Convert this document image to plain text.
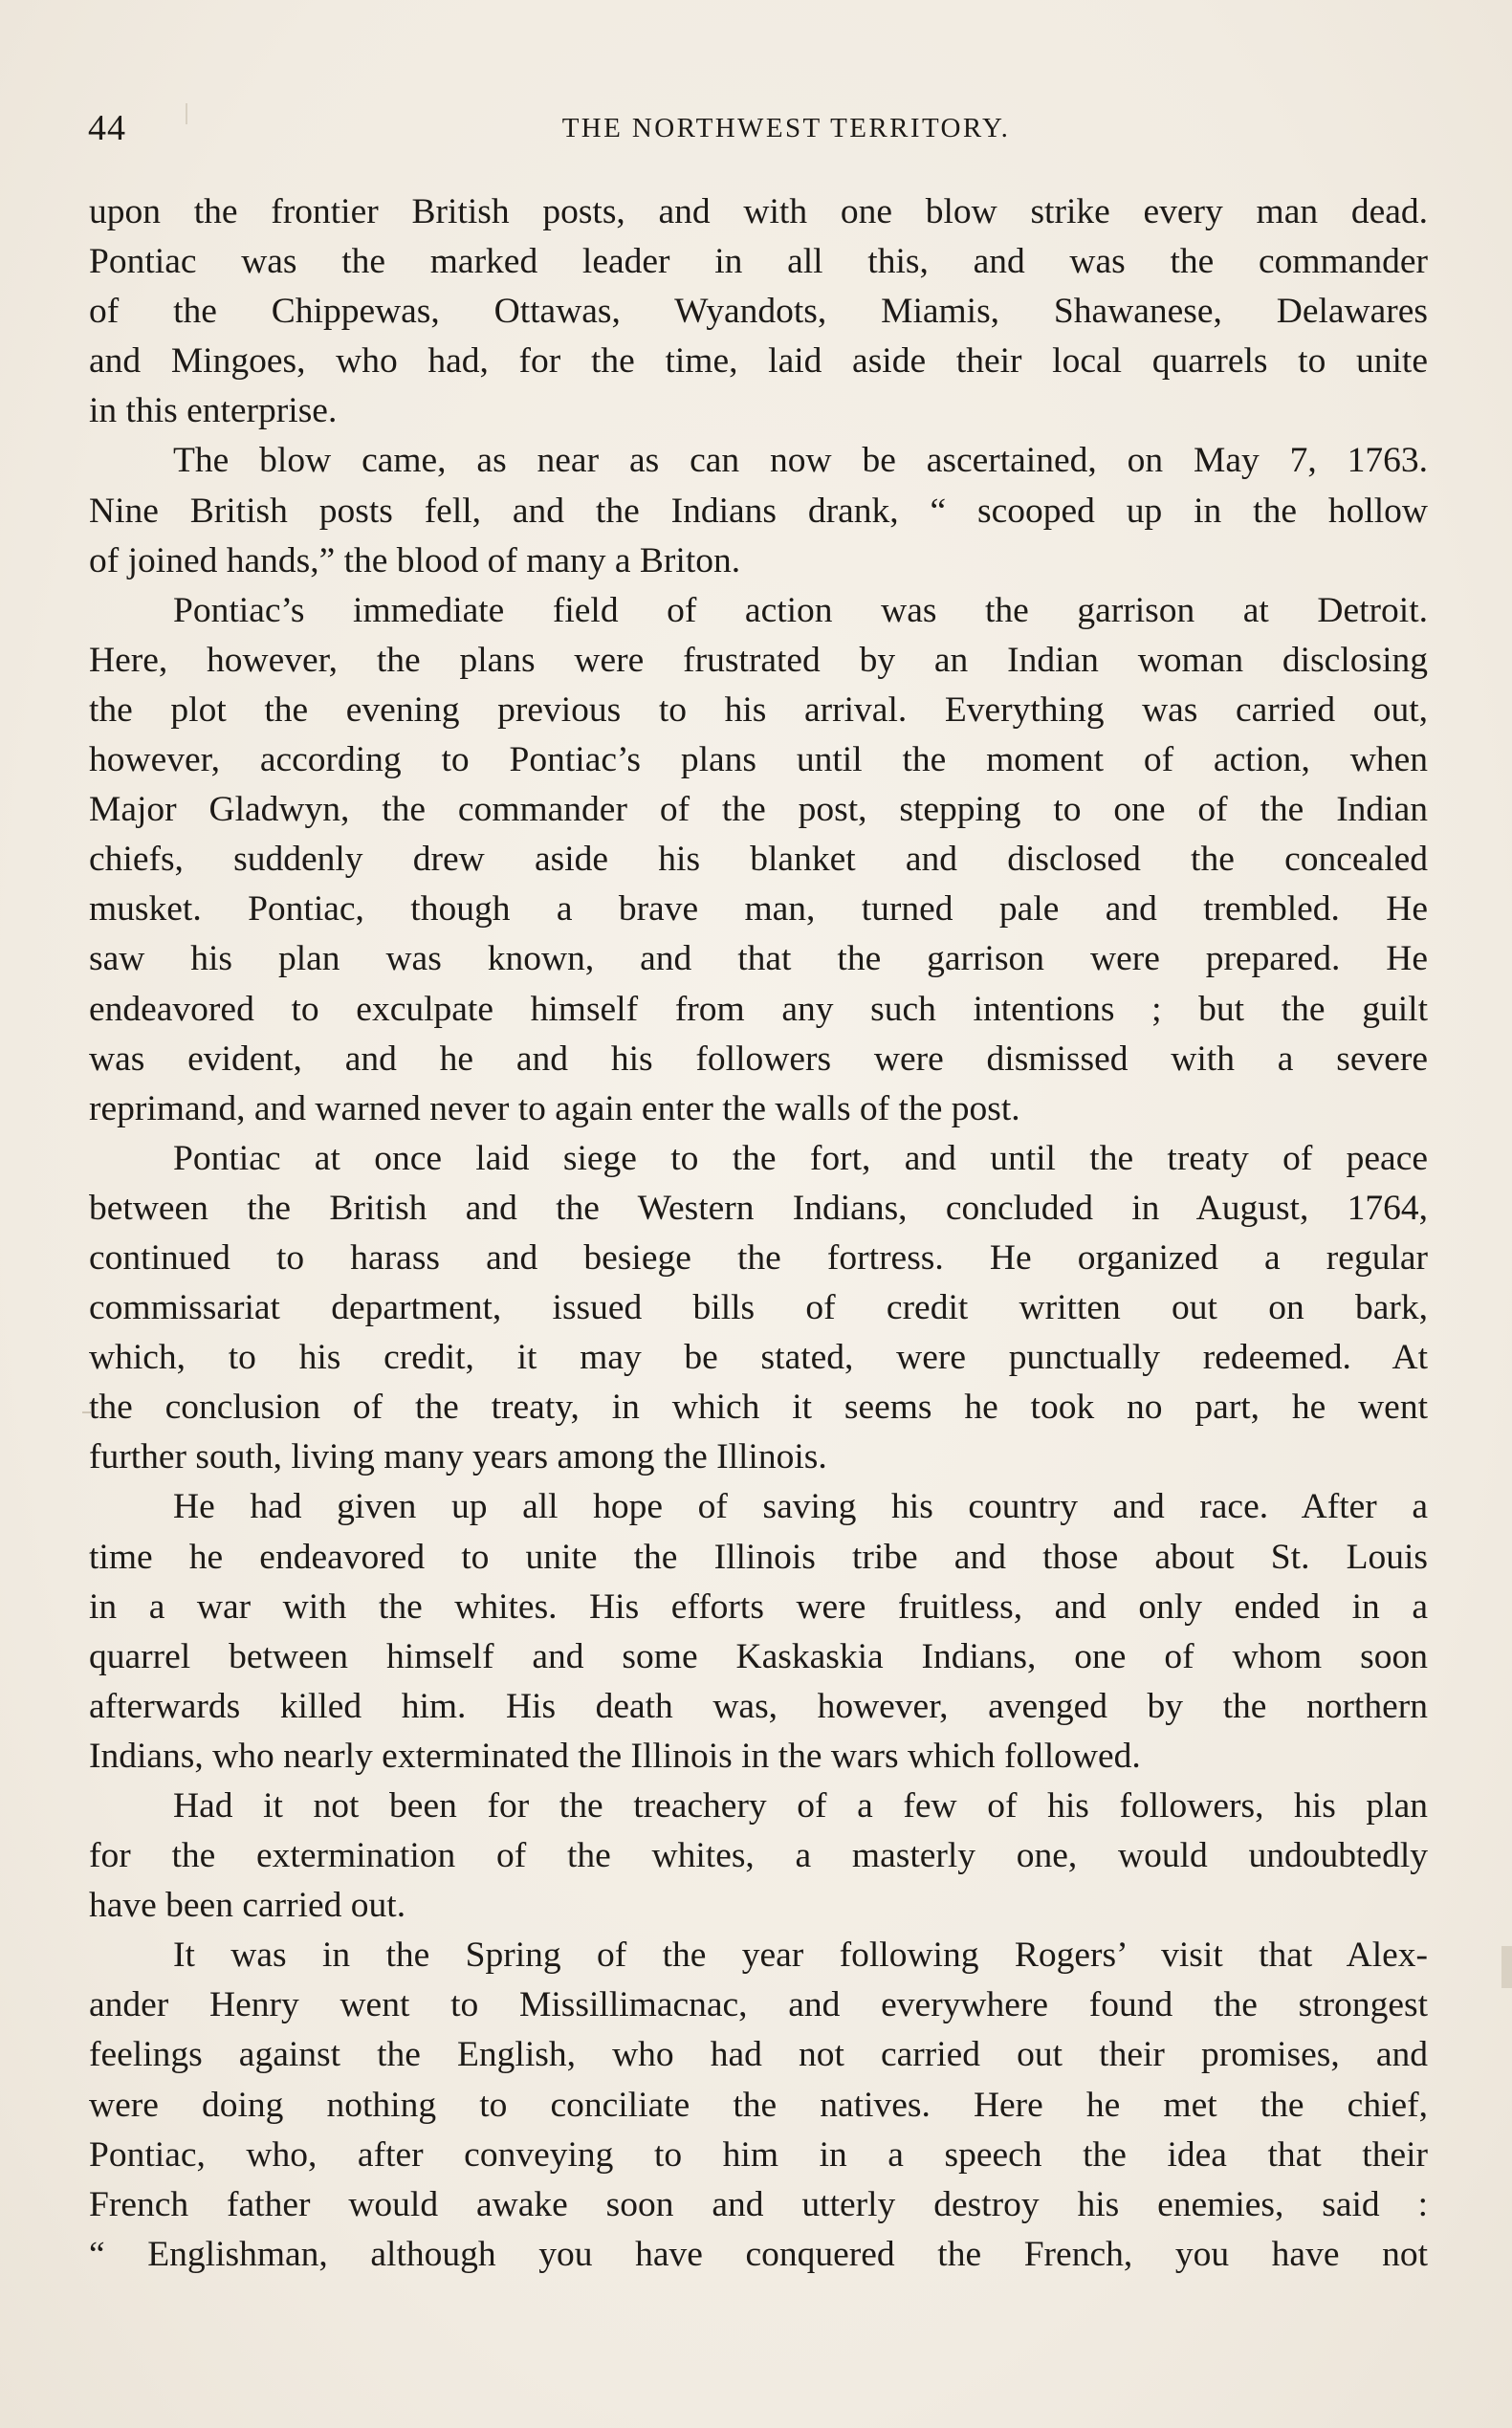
44	THE NORTHWEST TERRITORY.
upon the frontier British posts, and with one blow strike every man dead.
Pontiac was the marked leader in all this, and was the commander
of the Chippewas, Ottawas, Wyandots, Miamis, Shawanese, Delawares
and Mingoes, who had, for the time, laid aside their local quarrels to unite
in this enterprise.
The blow came, as near as can now be ascertained, on May 7, 1763.
Nine British posts fell, and the Indians drank, “ scooped up in the hollow
of joined hands,” the blood of many a Briton.
Pontiac’s immediate field of action was the garrison at Detroit.
Here, however, the plans were frustrated by an Indian woman disclosing
the plot the evening previous to his arrival. Everything was carried out,
however, according to Pontiac’s plans until the moment of action, when
Major Gladwyn, the commander of the post, stepping to one of the Indian
chiefs, suddenly drew aside his blanket and disclosed the concealed
musket. Pontiac, though a brave man, turned pale and trembled. He
saw his plan was known, and that the garrison were prepared. He
endeavored to exculpate himself from any such intentions ; but the guilt
was evident, and he and his followers were dismissed with a severe
reprimand, and warned never to again enter the walls of the post.
Pontiac at once laid siege to the fort, and until the treaty of peace
between the British and the Western Indians, concluded in August, 1764,
continued to harass and besiege the fortress. He organized a regular
commissariat department, issued bills of credit written out on bark,
which, to his credit, it may be stated, were punctually redeemed. At
the conclusion of the treaty, in which it seems he took no part, he went
further south, living many years among the Illinois.
He had given up all hope of saving his country and race. After a
time he endeavored to unite the Illinois tribe and those about St. Louis
in a war with the whites. His efforts were fruitless, and only ended in a
quarrel between himself and some Kaskaskia Indians, one of whom soon
afterwards killed him. His death was, however, avenged by the northern
Indians, who nearly exterminated the Illinois in the wars which followed.
Had it not been for the treachery of a few of his followers, his plan
for the extermination of the whites, a masterly one, would undoubtedly
have been carried out.
It was in the Spring of the year following Rogers’ visit that Alex-
ander Henry went to Missillimacnac, and everywhere found the strongest
feelings against the English, who had not carried out their promises, and
were doing nothing to conciliate the natives. Here he met the chief,
Pontiac, who, after conveying to him in a speech the idea that their
French father would awake soon and utterly destroy his enemies, said :
“ Englishman, although you have conquered the French, you have not
